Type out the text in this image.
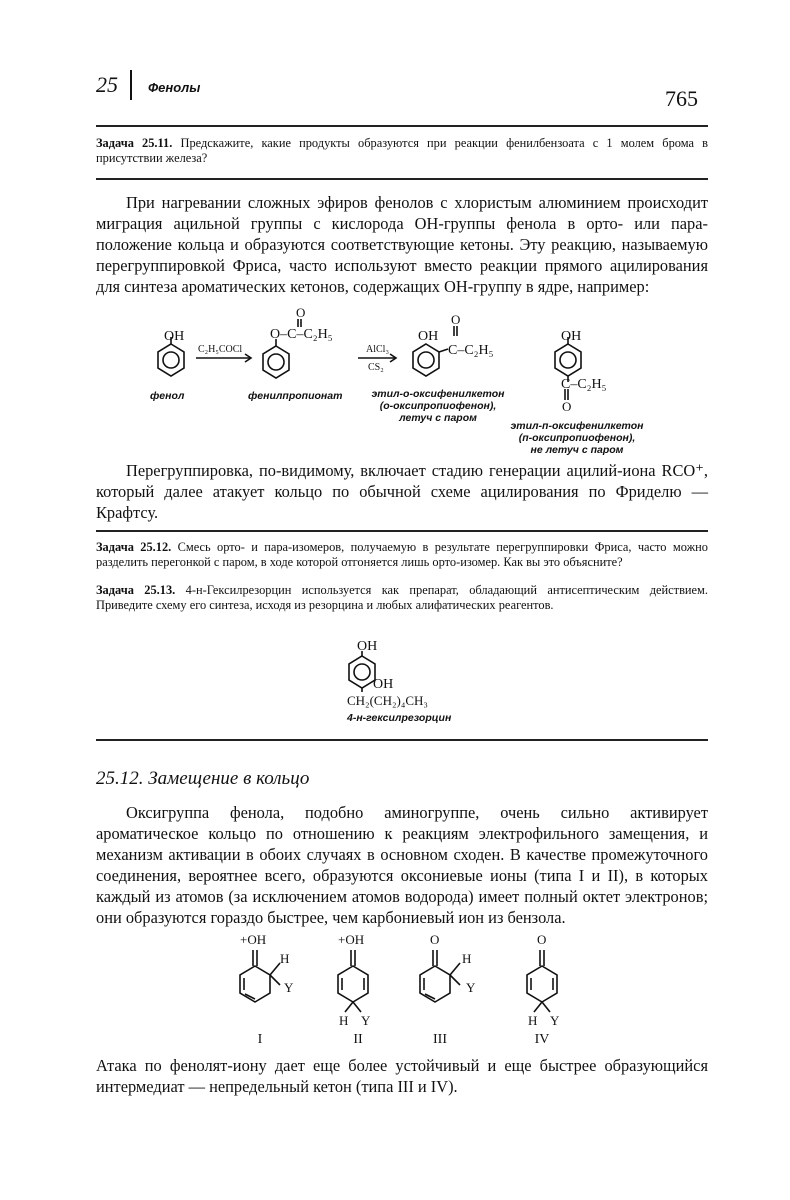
25 Фенолы	765
Задача 25.11. Предскажите, какие продукты образуются при реакции фенилбензоата с 1 молем брома в присутствии железа?
При нагревании сложных эфиров фенолов с хлористым алюминием происходит миграция ацильной группы с кислорода ОН-группы фенола в орто- или пара-положение кольца и образуются соответствующие кетоны. Эту реакцию, называемую перегруппировкой Фриса, часто используют вместо реакции прямого ацилирования для синтеза ароматических кетонов, содержащих ОН-группу в ядре, например:
OH
C₂H₅COCl
O
O–C–C₂H₅
AlCl₃
CS₂
OH
O
C–C₂H₅
OH
C–C₂H₅
O
фенол	фенилпропионат	этил-о-оксифенилкетон
(о-оксипропиофенон),
летуч с паром
этил-п-оксифенилкетон
(п-оксипропиофенон),
не летуч с паром
Перегруппировка, по-видимому, включает стадию генерации ацилий-иона RCO⁺, который далее атакует кольцо по обычной схеме ацилирования по Фриделю — Крафтсу.
Задача 25.12. Смесь орто- и пара-изомеров, получаемую в результате перегруппировки Фриса, часто можно разделить перегонкой с паром, в ходе которой отгоняется лишь орто-изомер. Как вы это объясните?
Задача 25.13. 4-н-Гексилрезорцин используется как препарат, обладающий антисептическим действием. Приведите схему его синтеза, исходя из резорцина и любых алифатических реагентов.
OH
OH
CH₂(CH₂)₄CH₃
4-н-гексилрезорцин
25.12. Замещение в кольцо
Оксигруппа фенола, подобно аминогруппе, очень сильно активирует ароматическое кольцо по отношению к реакциям электрофильного замещения, и механизм активации в обоих случаях в основном сходен. В качестве промежуточного соединения, вероятнее всего, образуются оксониевые ионы (типа I и II), в которых каждый из атомов (за исключением атомов водорода) имеет полный октет электронов; они образуются гораздо быстрее, чем карбониевый ион из бензола.
+OH
H
Y
+OH
H Y
O
H
Y
O
H Y
I	II	III	IV
Атака по фенолят-иону дает еще более устойчивый и еще быстрее образующийся интермедиат — непредельный кетон (типа III и IV).
